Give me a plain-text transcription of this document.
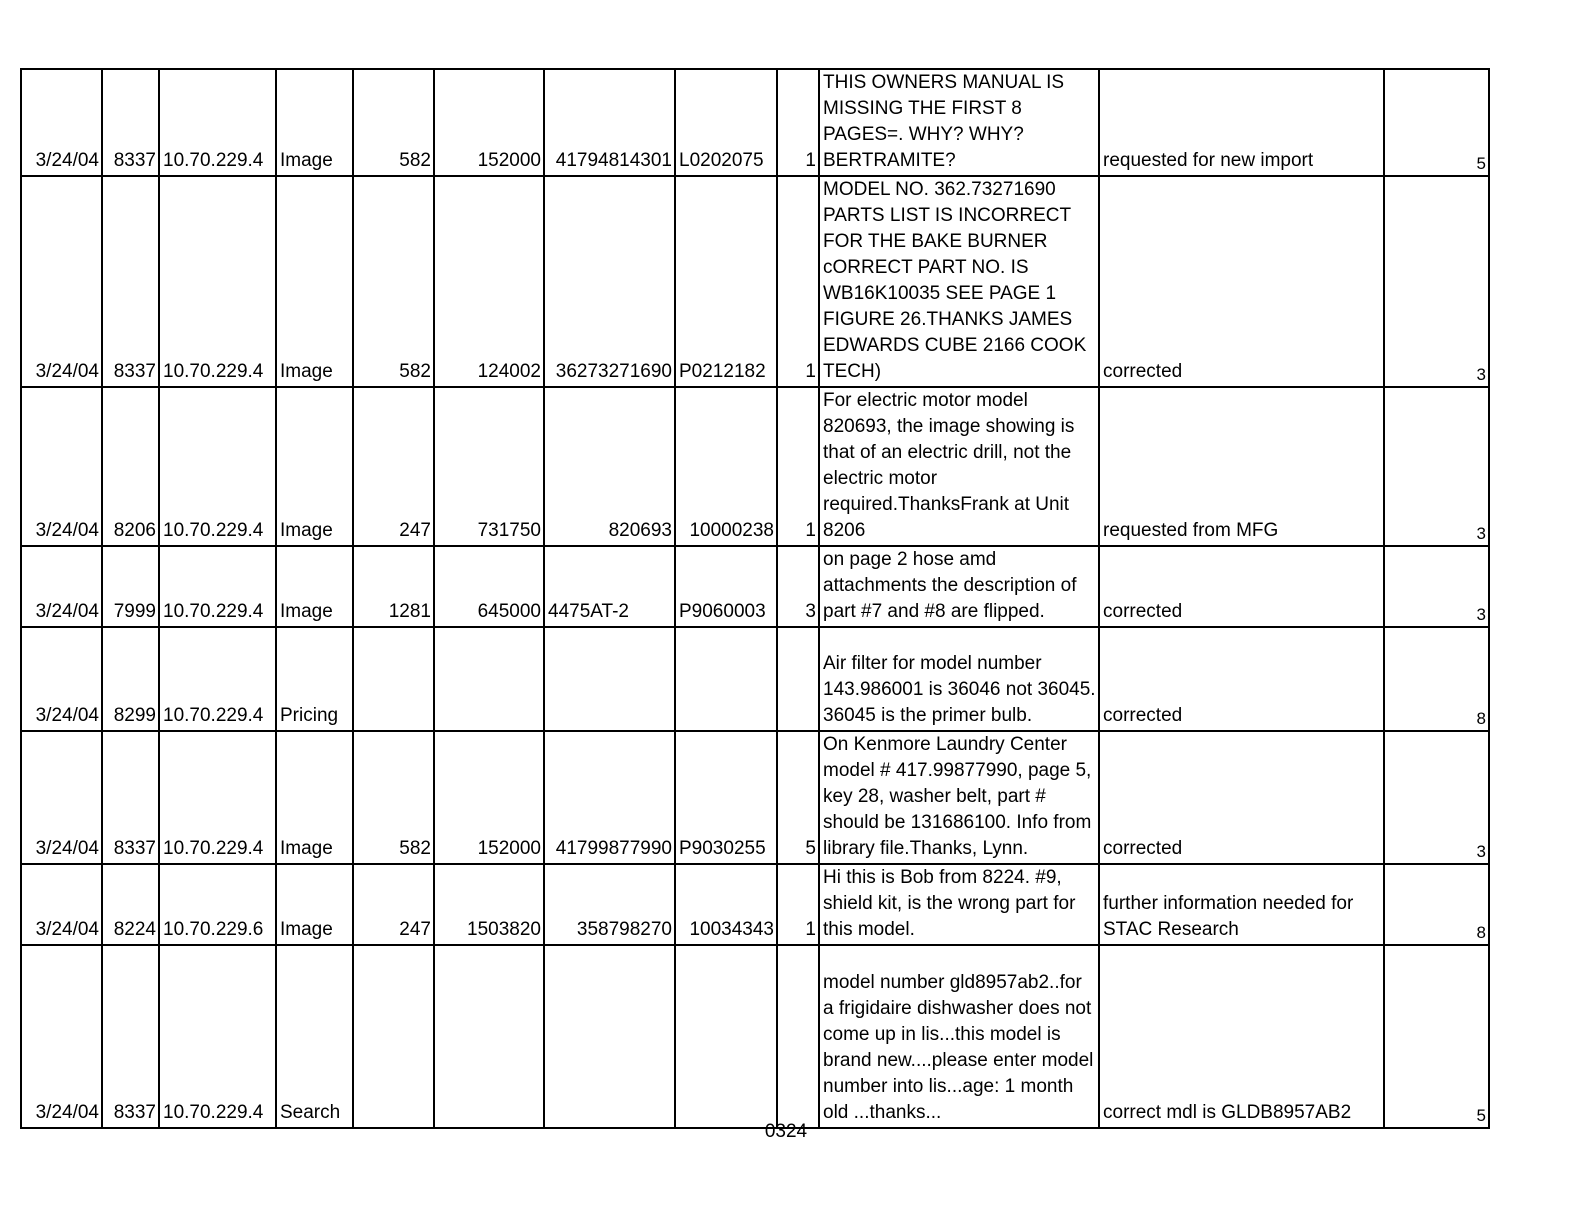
3/24/04	8337	10.70.229.4	Image	582	152000	41794814301	L0202075	1	THIS OWNERS MANUAL IS MISSING THE FIRST 8 PAGES=. WHY? WHY? BERTRAMITE?	requested for new import	5
3/24/04	8337	10.70.229.4	Image	582	124002	36273271690	P0212182	1	MODEL NO. 362.73271690 PARTS LIST IS INCORRECT FOR THE BAKE BURNER cORRECT PART NO. IS WB16K10035 SEE PAGE 1 FIGURE 26.THANKS JAMES EDWARDS CUBE 2166 COOK TECH)	corrected	3
3/24/04	8206	10.70.229.4	Image	247	731750	820693	10000238	1	For electric motor model 820693, the image showing is that of an electric drill, not the electric motor required.ThanksFrank at Unit 8206	requested from MFG	3
3/24/04	7999	10.70.229.4	Image	1281	645000	4475AT-2	P9060003	3	on page 2 hose amd attachments the description of part #7 and #8 are flipped.	corrected	3
3/24/04	8299	10.70.229.4	Pricing						Air filter for model number 143.986001 is 36046 not 36045. 36045 is the primer bulb.	corrected	8
3/24/04	8337	10.70.229.4	Image	582	152000	41799877990	P9030255	5	On Kenmore Laundry Center model # 417.99877990, page 5, key 28, washer belt, part # should be 131686100. Info from library file.Thanks, Lynn.	corrected	3
3/24/04	8224	10.70.229.6	Image	247	1503820	358798270	10034343	1	Hi this is Bob from 8224. #9, shield kit, is the wrong part for this model.	further information needed for STAC Research	8
3/24/04	8337	10.70.229.4	Search						model number gld8957ab2..for a frigidaire dishwasher does not come up in lis...this model is brand new....please enter model number into lis...age: 1 month old ...thanks...	correct mdl is GLDB8957AB2	5
0324
